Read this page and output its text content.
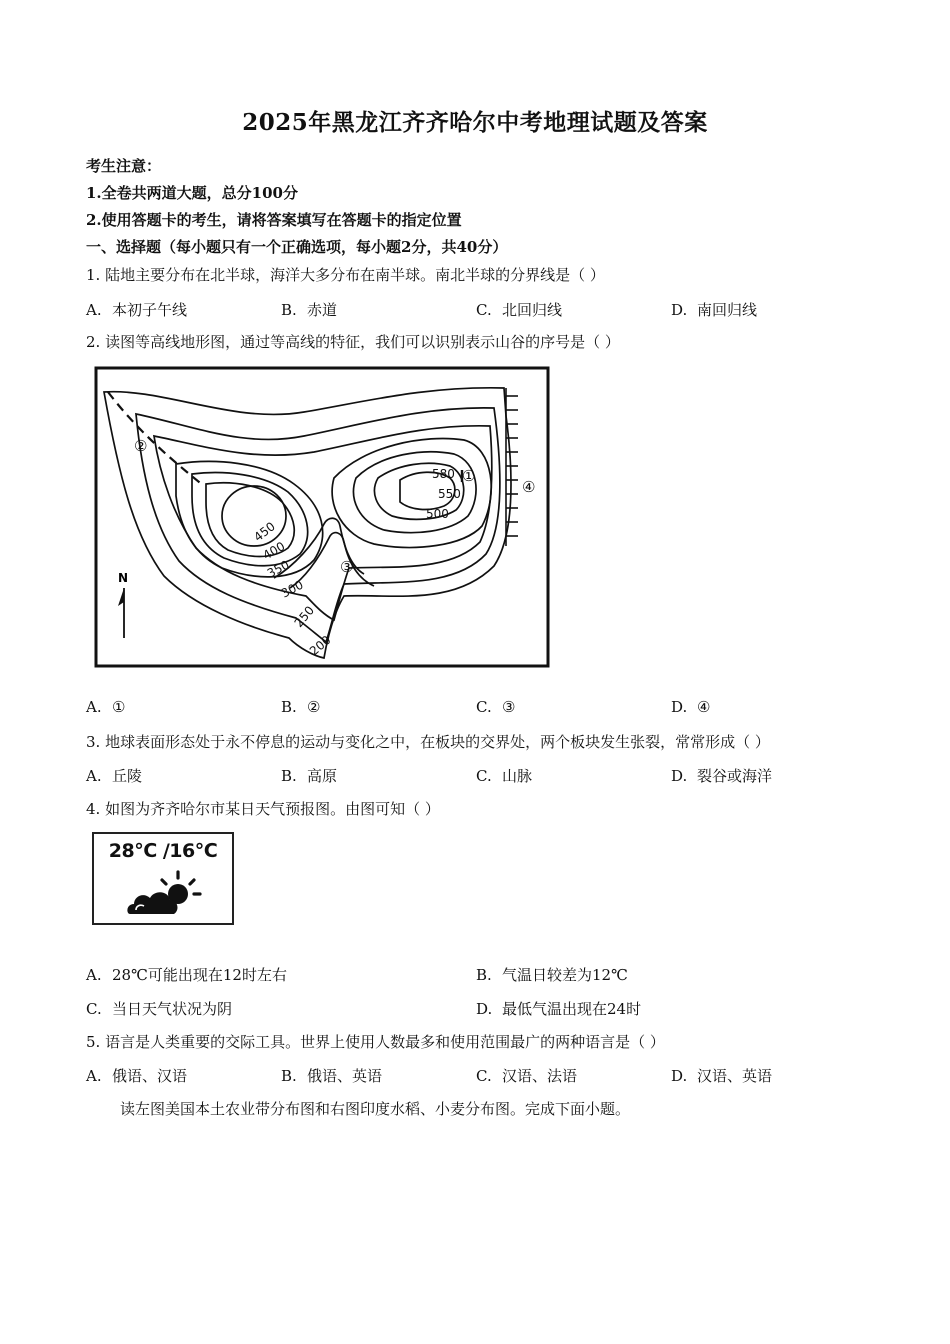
2025年黑龙江齐齐哈尔中考地理试题及答案
考生注意：
1.全卷共两道大题，总分100分
2.使用答题卡的考生，请将答案填写在答题卡的指定位置
一、选择题（每小题只有一个正确选项，每小题2分，共40分）
1. 陆地主要分布在北半球，海洋大多分布在南半球。南北半球的分界线是（ ）
A. 本初子午线	B. 赤道	C. 北回归线	D. 南回归线
2. 读图等高线地形图，通过等高线的特征，我们可以识别表示山谷的序号是（ ）
N
580
550
500
450
400
350
300
250
200
①
②
③
④
A. ①	B. ②	C. ③	D. ④
3. 地球表面形态处于永不停息的运动与变化之中，在板块的交界处，两个板块发生张裂，常常形成（ ）
A. 丘陵	B. 高原	C. 山脉	D. 裂谷或海洋
4. 如图为齐齐哈尔市某日天气预报图。由图可知（ ）
28℃ /16℃
A. 28℃可能出现在12时左右	B. 气温日较差为12℃
C. 当日天气状况为阴	D. 最低气温出现在24时
5. 语言是人类重要的交际工具。世界上使用人数最多和使用范围最广的两种语言是（ ）
A. 俄语、汉语	B. 俄语、英语	C. 汉语、法语	D. 汉语、英语
读左图美国本土农业带分布图和右图印度水稻、小麦分布图。完成下面小题。
